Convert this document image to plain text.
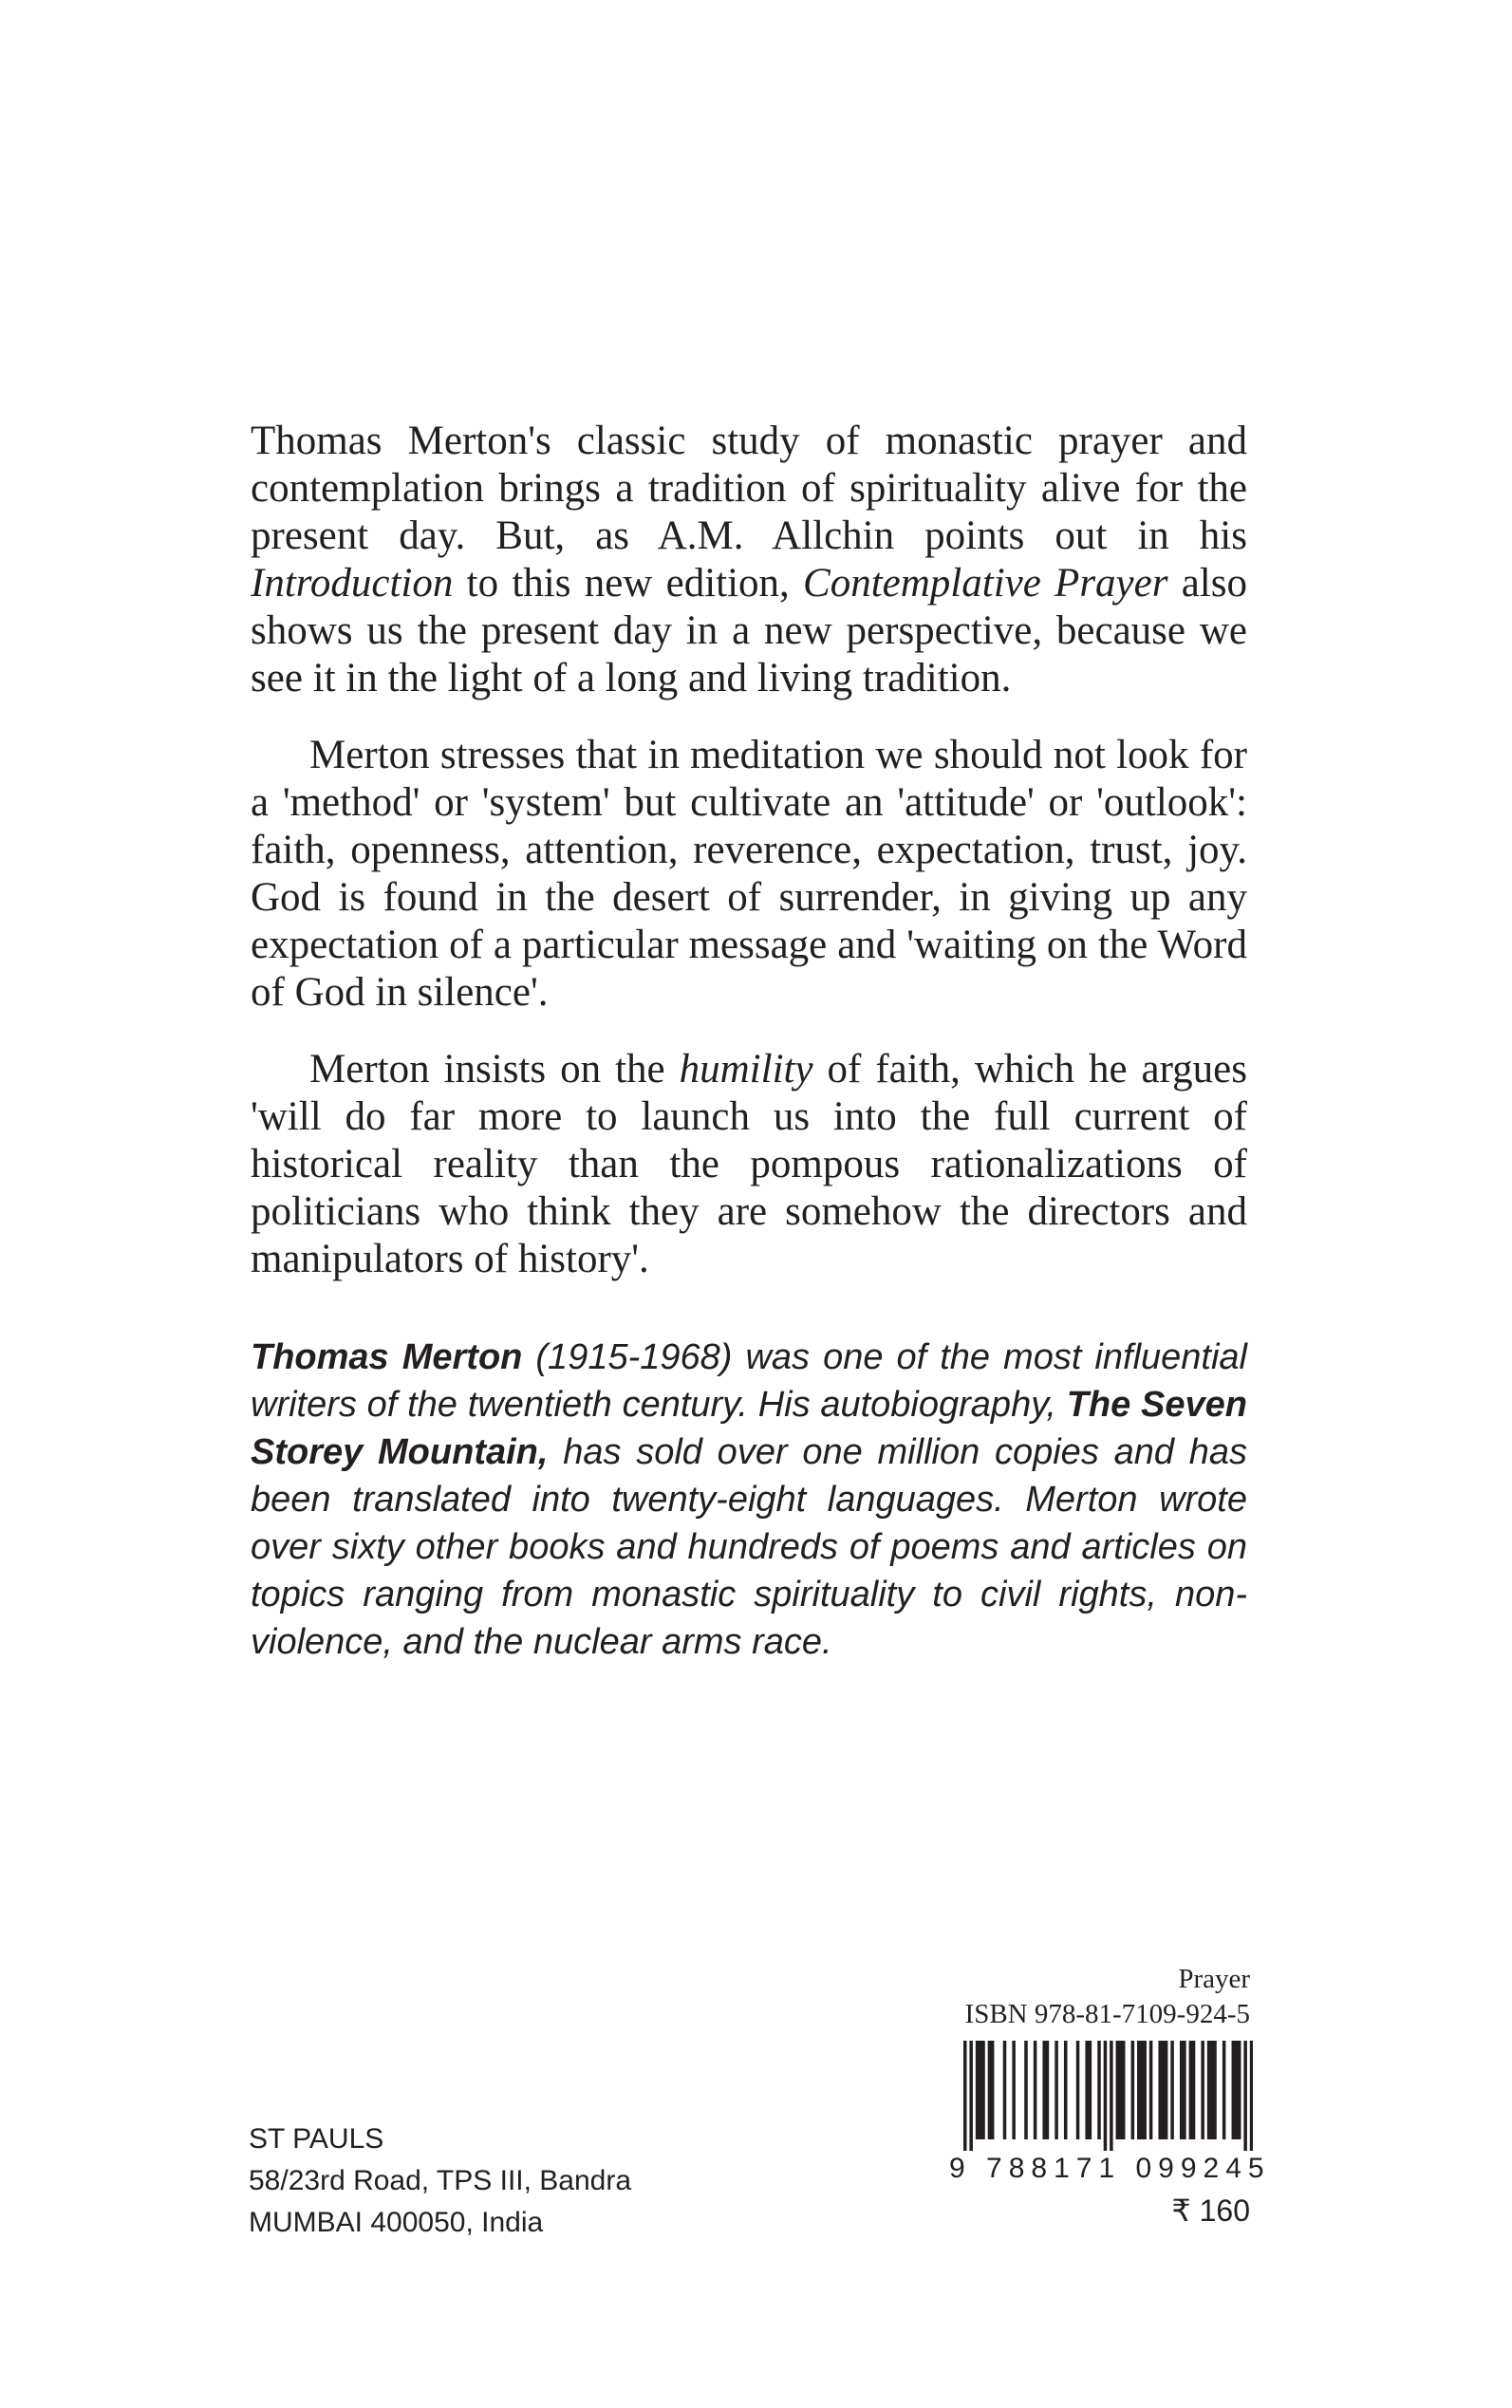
Thomas Merton's classic study of monastic prayer and contemplation brings a tradition of spirituality alive for the present day. But, as A.M. Allchin points out in his Introduction to this new edition, Contemplative Prayer also shows us the present day in a new perspective, because we see it in the light of a long and living tradition.

Merton stresses that in meditation we should not look for a 'method' or 'system' but cultivate an 'attitude' or 'outlook': faith, openness, attention, reverence, expectation, trust, joy. God is found in the desert of surrender, in giving up any expectation of a particular message and 'waiting on the Word of God in silence'.

Merton insists on the humility of faith, which he argues 'will do far more to launch us into the full current of historical reality than the pompous rationalizations of politicians who think they are somehow the directors and manipulators of history'.

Thomas Merton (1915-1968) was one of the most influential writers of the twentieth century. His autobiography, The Seven Storey Mountain, has sold over one million copies and has been translated into twenty-eight languages. Merton wrote over sixty other books and hundreds of poems and articles on topics ranging from monastic spirituality to civil rights, non-violence, and the nuclear arms race.

Prayer
ISBN 978-81-7109-924-5
9 788171 099245
₹ 160
ST PAULS
58/23rd Road, TPS III, Bandra
MUMBAI 400050, India
